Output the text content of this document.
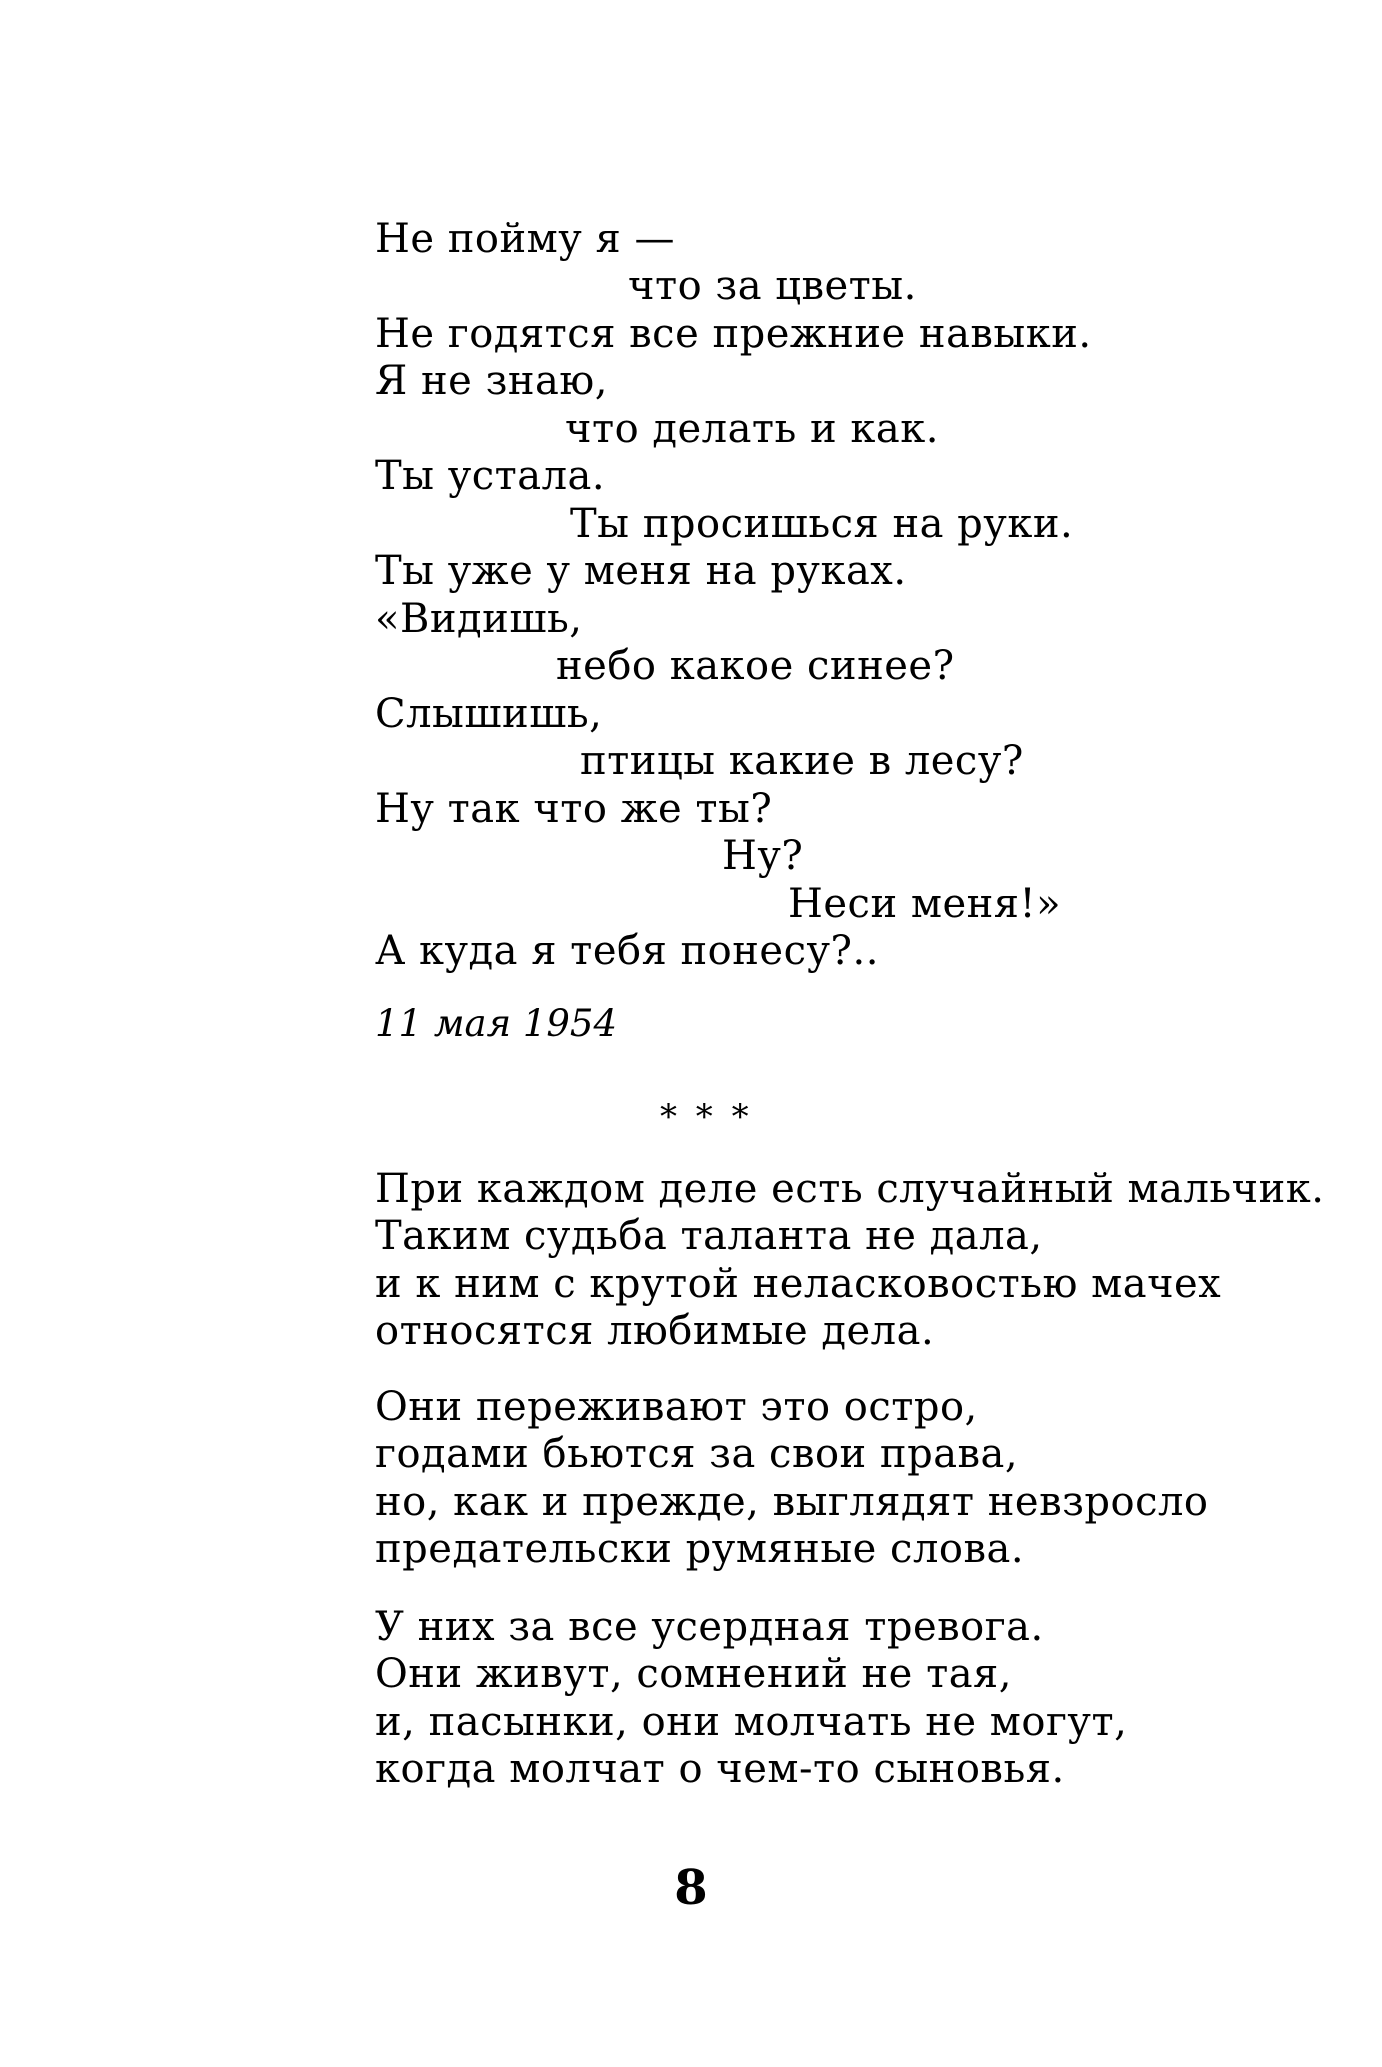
Не пойму я —
что за цветы.
Не годятся все прежние навыки.
Я не знаю,
что делать и как.
Ты устала.
Ты просишься на руки.
Ты уже у меня на руках.
«Видишь,
небо какое синее?
Слышишь,
птицы какие в лесу?
Ну так что же ты?
Ну?
Неси меня!»
А куда я тебя понесу?..
11 мая 1954
* * *
При каждом деле есть случайный мальчик.
Таким судьба таланта не дала,
и к ним с крутой неласковостью мачех
относятся любимые дела.
Они переживают это остро,
годами бьются за свои права,
но, как и прежде, выглядят невзросло
предательски румяные слова.
У них за все усердная тревога.
Они живут, сомнений не тая,
и, пасынки, они молчать не могут,
когда молчат о чем-то сыновья.
8
